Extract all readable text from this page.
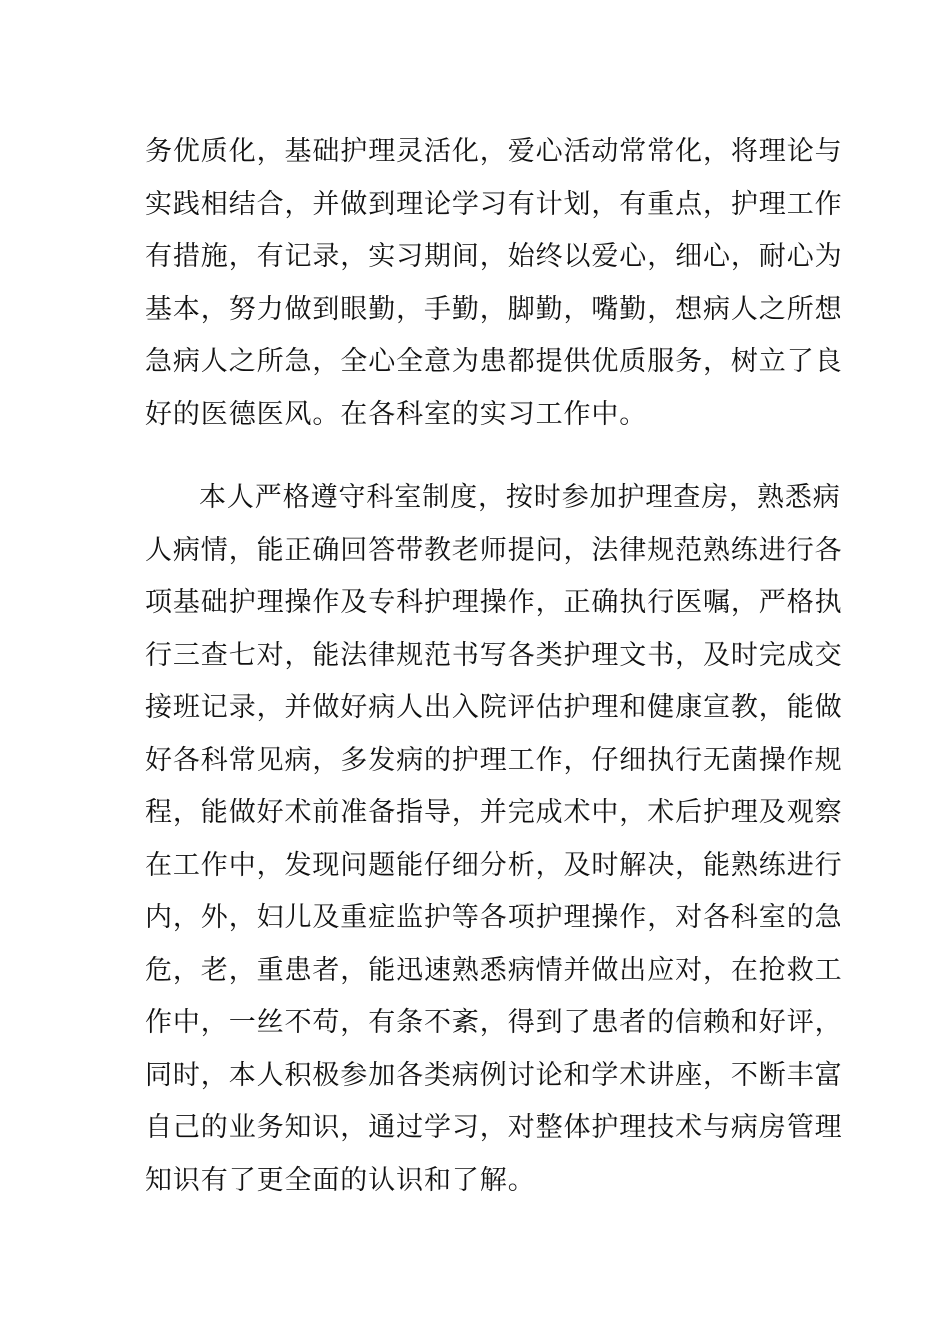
务优质化，基础护理灵活化，爱心活动常常化，将理论与
实践相结合，并做到理论学习有计划，有重点，护理工作
有措施，有记录，实习期间，始终以爱心，细心，耐心为
基本，努力做到眼勤，手勤，脚勤，嘴勤，想病人之所想
急病人之所急，全心全意为患都提供优质服务，树立了良
好的医德医风。在各科室的实习工作中。
本人严格遵守科室制度，按时参加护理查房，熟悉病
人病情，能正确回答带教老师提问，法律规范熟练进行各
项基础护理操作及专科护理操作，正确执行医嘱，严格执
行三查七对，能法律规范书写各类护理文书，及时完成交
接班记录，并做好病人出入院评估护理和健康宣教，能做
好各科常见病，多发病的护理工作，仔细执行无菌操作规
程，能做好术前准备指导，并完成术中，术后护理及观察
在工作中，发现问题能仔细分析，及时解决，能熟练进行
内，外，妇儿及重症监护等各项护理操作，对各科室的急
危，老，重患者，能迅速熟悉病情并做出应对，在抢救工
作中，一丝不苟，有条不紊，得到了患者的信赖和好评，
同时，本人积极参加各类病例讨论和学术讲座，不断丰富
自己的业务知识，通过学习，对整体护理技术与病房管理
知识有了更全面的认识和了解。
